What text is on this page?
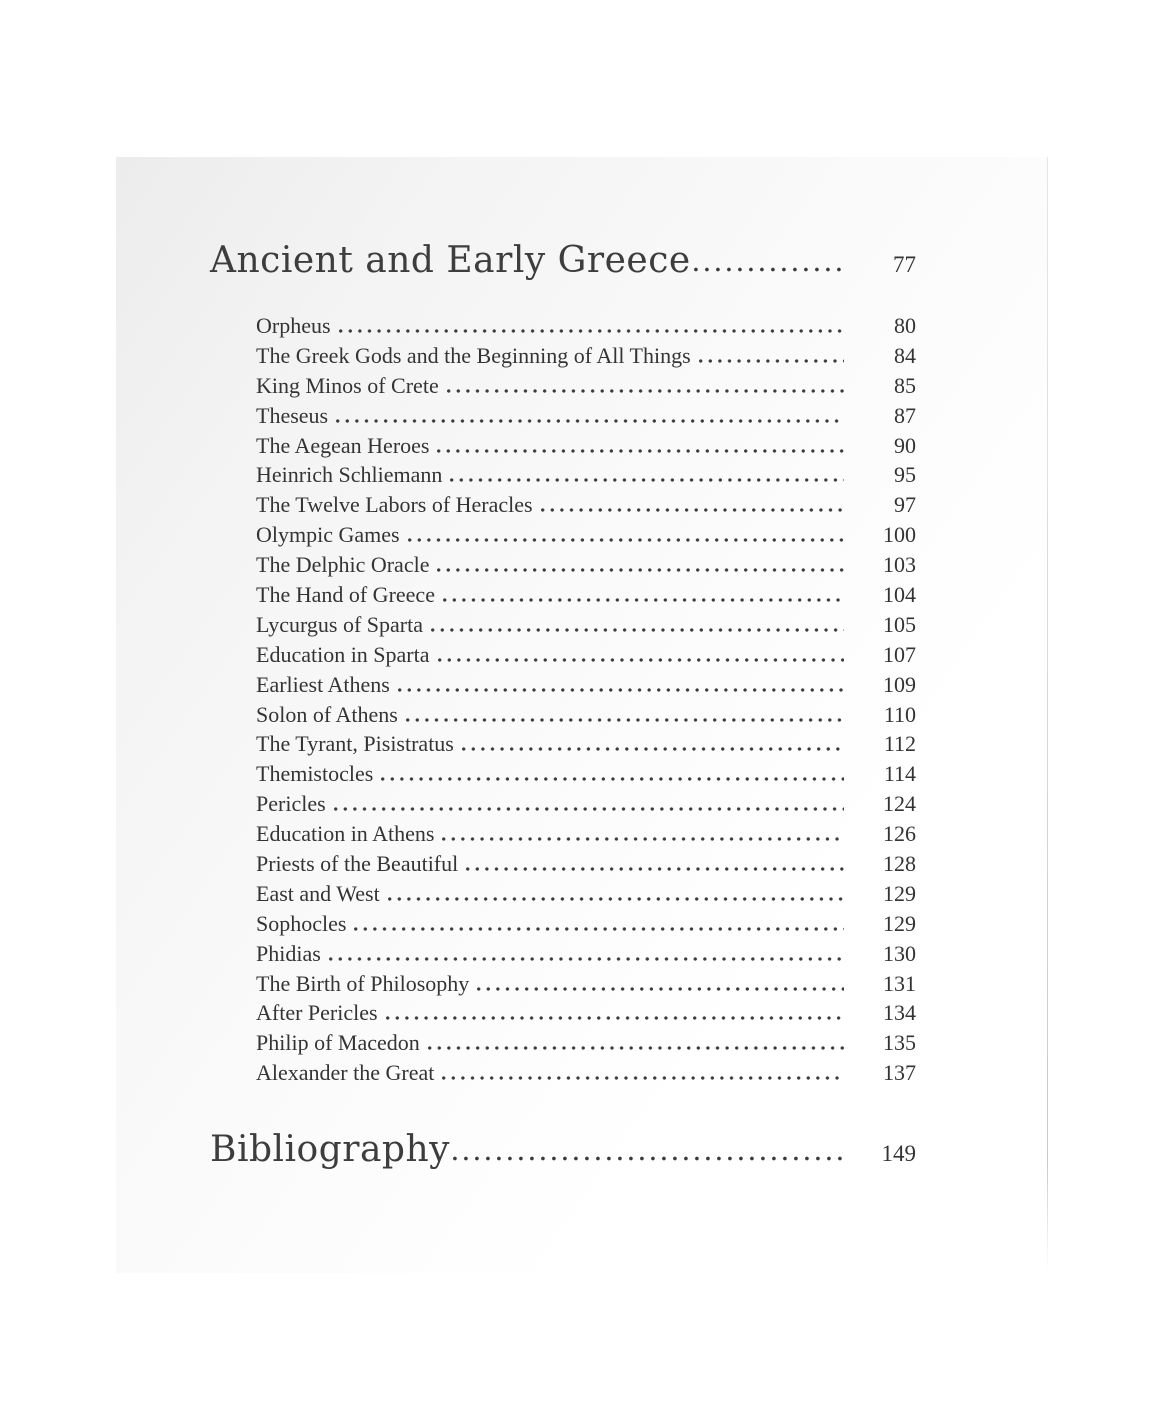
Ancient and Early Greece	77
Orpheus	80
The Greek Gods and the Beginning of All Things	84
King Minos of Crete	85
Theseus	87
The Aegean Heroes	90
Heinrich Schliemann	95
The Twelve Labors of Heracles	97
Olympic Games	100
The Delphic Oracle	103
The Hand of Greece	104
Lycurgus of Sparta	105
Education in Sparta	107
Earliest Athens	109
Solon of Athens	110
The Tyrant, Pisistratus	112
Themistocles	114
Pericles	124
Education in Athens	126
Priests of the Beautiful	128
East and West	129
Sophocles	129
Phidias	130
The Birth of Philosophy	131
After Pericles	134
Philip of Macedon	135
Alexander the Great	137
Bibliography	149
